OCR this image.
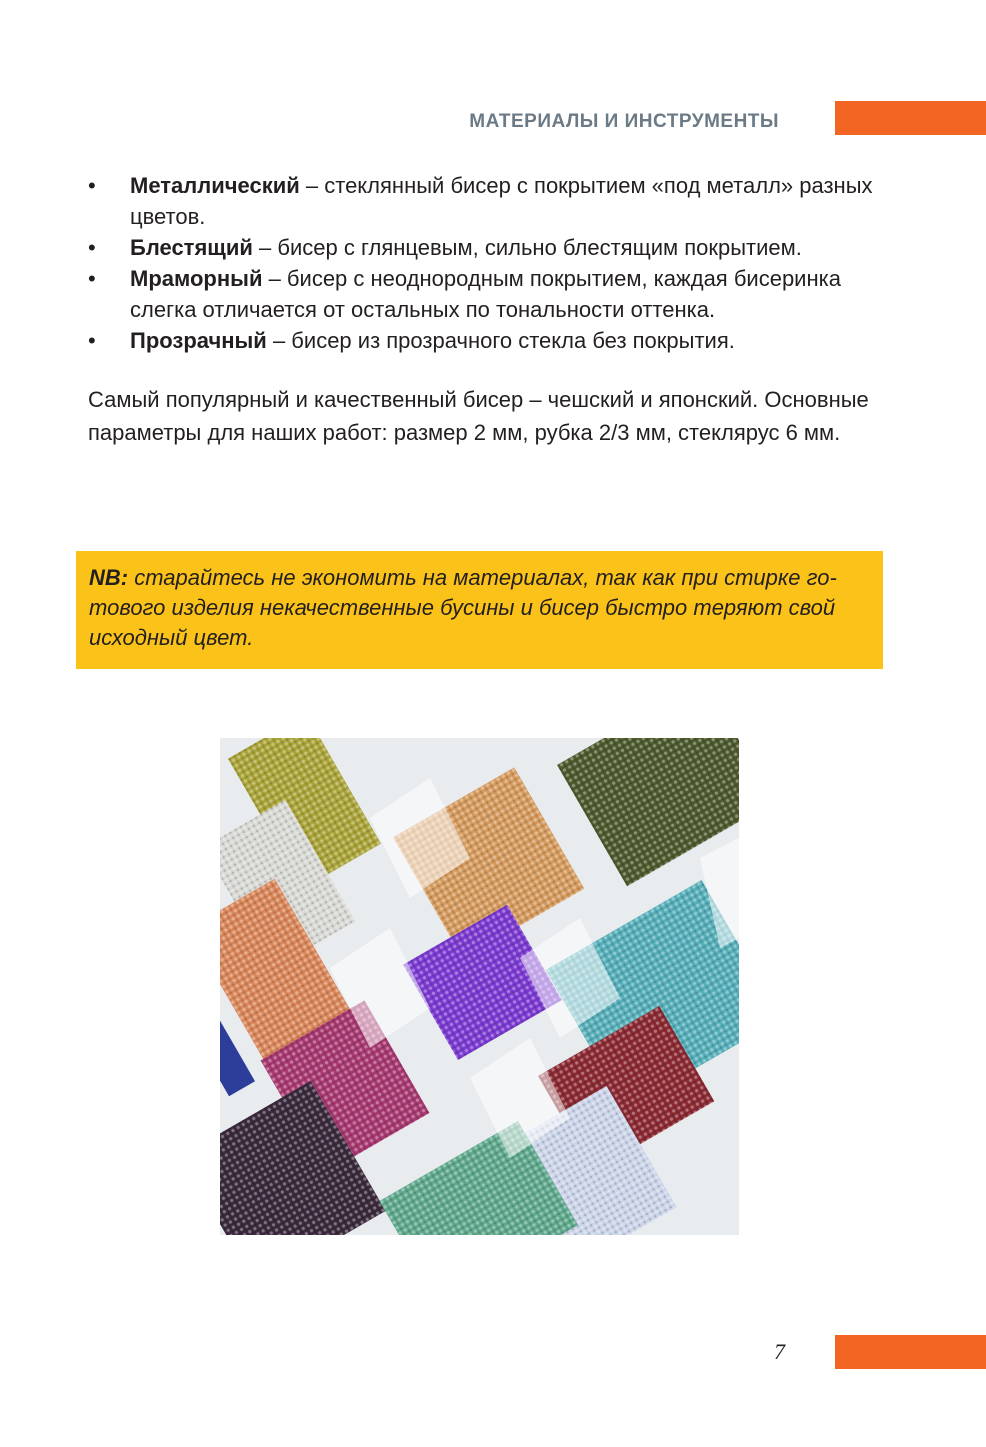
МАТЕРИАЛЫ И ИНСТРУМЕНТЫ
• Металлический – стеклянный бисер с покрытием «под металл» разных цветов.
• Блестящий – бисер с глянцевым, сильно блестящим покрытием.
• Мраморный – бисер с неоднородным покрытием, каждая бисеринка слегка отличается от остальных по тональности оттенка.
• Прозрачный – бисер из прозрачного стекла без покрытия.

Самый популярный и качественный бисер – чешский и японский. Основные параметры для наших работ: размер 2 мм, рубка 2/3 мм, стеклярус 6 мм.

NB: старайтесь не экономить на материалах, так как при стирке готового изделия некачественные бусины и бисер быстро теряют свой исходный цвет.

7
